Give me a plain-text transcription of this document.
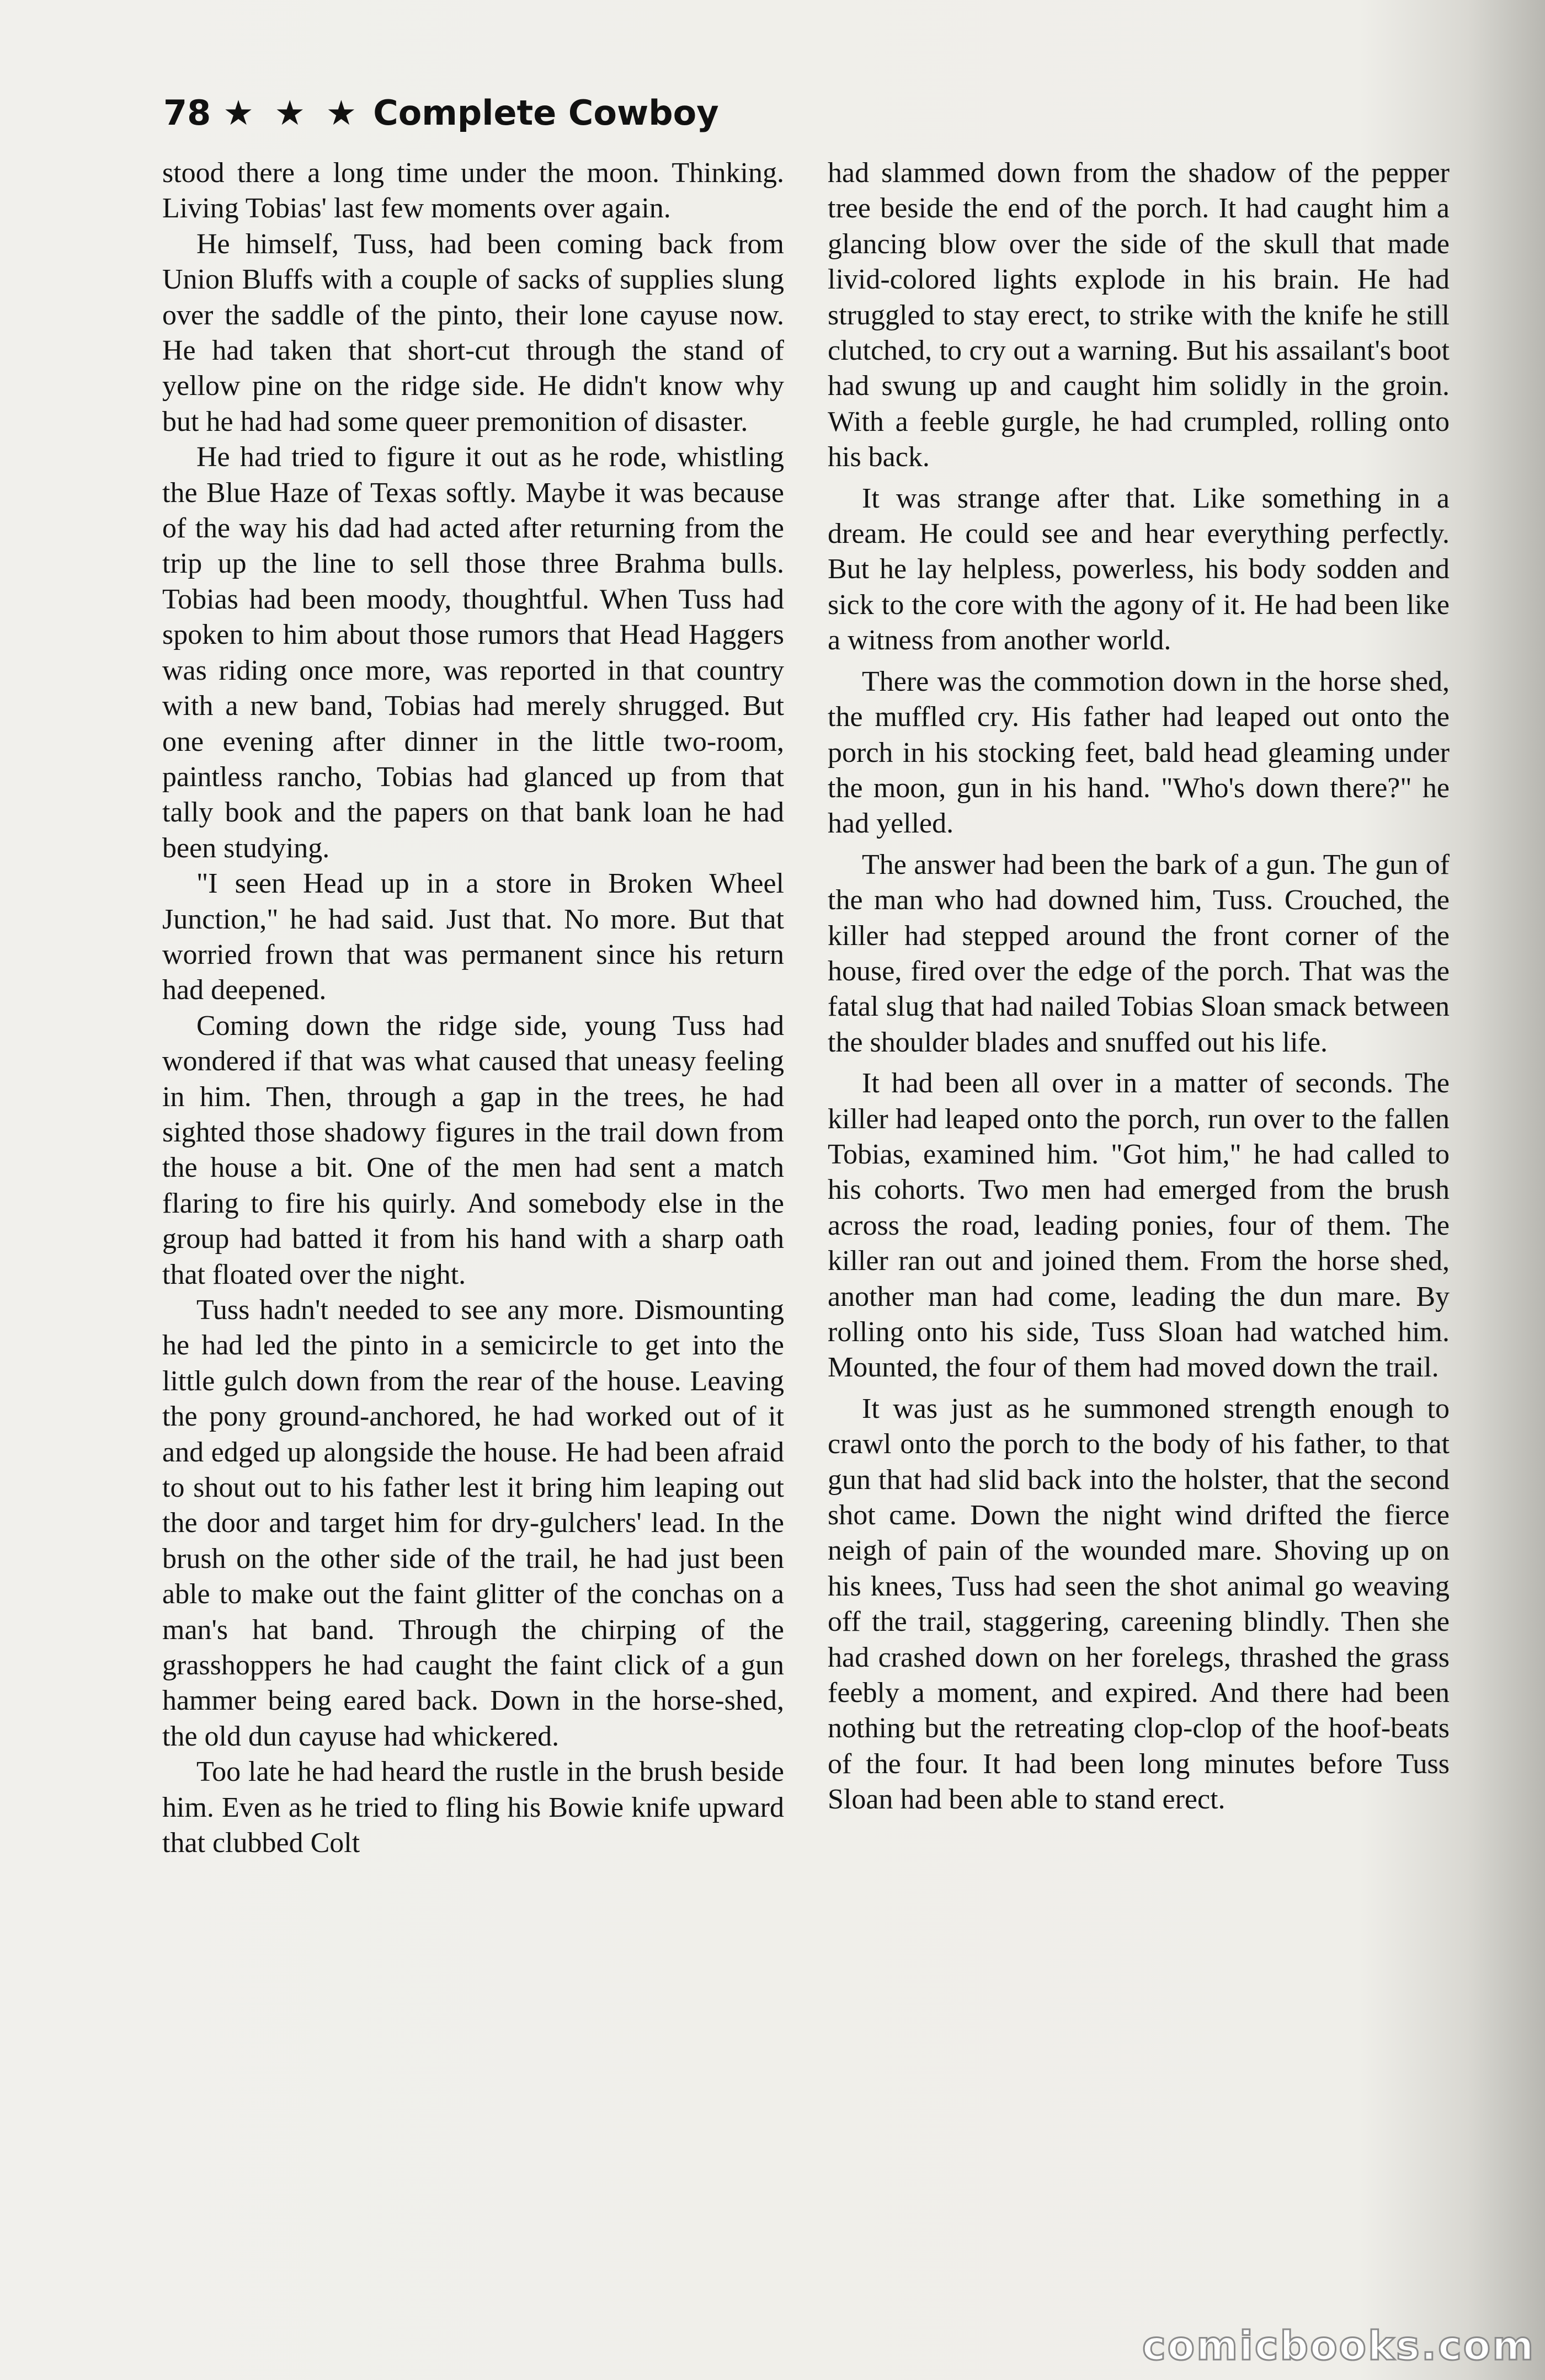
78 ★ ★ ★ Complete Cowboy

stood there a long time under the moon. Thinking. Living Tobias' last few moments over again.

He himself, Tuss, had been coming back from Union Bluffs with a couple of sacks of supplies slung over the saddle of the pinto, their lone cayuse now. He had taken that short-cut through the stand of yellow pine on the ridge side. He didn't know why but he had had some queer premonition of disaster.

He had tried to figure it out as he rode, whistling the Blue Haze of Texas softly. Maybe it was because of the way his dad had acted after returning from the trip up the line to sell those three Brahma bulls. Tobias had been moody, thoughtful. When Tuss had spoken to him about those rumors that Head Haggers was riding once more, was reported in that country with a new band, Tobias had merely shrugged. But one evening after dinner in the little two-room, paintless rancho, Tobias had glanced up from that tally book and the papers on that bank loan he had been studying.

"I seen Head up in a store in Broken Wheel Junction," he had said. Just that. No more. But that worried frown that was permanent since his return had deepened.

Coming down the ridge side, young Tuss had wondered if that was what caused that uneasy feeling in him. Then, through a gap in the trees, he had sighted those shadowy figures in the trail down from the house a bit. One of the men had sent a match flaring to fire his quirly. And somebody else in the group had batted it from his hand with a sharp oath that floated over the night.

Tuss hadn't needed to see any more. Dismounting he had led the pinto in a semicircle to get into the little gulch down from the rear of the house. Leaving the pony ground-anchored, he had worked out of it and edged up alongside the house. He had been afraid to shout out to his father lest it bring him leaping out the door and target him for dry-gulchers' lead. In the brush on the other side of the trail, he had just been able to make out the faint glitter of the conchas on a man's hat band. Through the chirping of the grasshoppers he had caught the faint click of a gun hammer being eared back. Down in the horse-shed, the old dun cayuse had whickered.

Too late he had heard the rustle in the brush beside him. Even as he tried to fling his Bowie knife upward that clubbed Colt

had slammed down from the shadow of the pepper tree beside the end of the porch. It had caught him a glancing blow over the side of the skull that made livid-colored lights explode in his brain. He had struggled to stay erect, to strike with the knife he still clutched, to cry out a warning. But his assailant's boot had swung up and caught him solidly in the groin. With a feeble gurgle, he had crumpled, rolling onto his back.

It was strange after that. Like something in a dream. He could see and hear everything perfectly. But he lay helpless, powerless, his body sodden and sick to the core with the agony of it. He had been like a witness from another world.

There was the commotion down in the horse shed, the muffled cry. His father had leaped out onto the porch in his stocking feet, bald head gleaming under the moon, gun in his hand. "Who's down there?" he had yelled.

The answer had been the bark of a gun. The gun of the man who had downed him, Tuss. Crouched, the killer had stepped around the front corner of the house, fired over the edge of the porch. That was the fatal slug that had nailed Tobias Sloan smack between the shoulder blades and snuffed out his life.

It had been all over in a matter of seconds. The killer had leaped onto the porch, run over to the fallen Tobias, examined him. "Got him," he had called to his cohorts. Two men had emerged from the brush across the road, leading ponies, four of them. The killer ran out and joined them. From the horse shed, another man had come, leading the dun mare. By rolling onto his side, Tuss Sloan had watched him. Mounted, the four of them had moved down the trail.

It was just as he summoned strength enough to crawl onto the porch to the body of his father, to that gun that had slid back into the holster, that the second shot came. Down the night wind drifted the fierce neigh of pain of the wounded mare. Shoving up on his knees, Tuss had seen the shot animal go weaving off the trail, staggering, careening blindly. Then she had crashed down on her forelegs, thrashed the grass feebly a moment, and expired. And there had been nothing but the retreating clop-clop of the hoof-beats of the four. It had been long minutes before Tuss Sloan had been able to stand erect.

comicbooks.com
